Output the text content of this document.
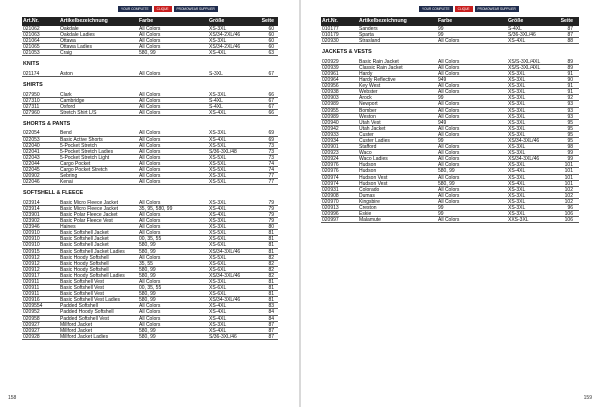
YOUR COMPLETE	CLIQUE	PROMOWEAR SUPPLIER
Art.Nr.	Artikelbezeichnung	Farbe	Größe	Seite
021062	Oakdale	All Colors	XS-3XL	60
021063	Oakdale Ladies	All Colors	XS/34-2XL/46	60
021064	Ottawa	All Colors	XS-3XL	60
021065	Ottawa Ladies	All Colors	XS/34-2XL/46	60
021053	Craig	580, 99	XS-4XL	63
KNITS
021174	Aston	All Colors	S-3XL	67
SHIRTS
027950	Clark	All Colors	XS-3XL	66
027310	Cambridge	All Colors	S-4XL	67
027311	Oxford	All Colors	S-4XL	67
027960	Stretch Shirt L/S	All Colors	XS-4XL	66
SHORTS & PANTS
022054	Bend	All Colors	XS-3XL	69
022053	Basic Active Shorts	All Colors	XS-4XL	69
022040	5-Pocket Stretch	All Colors	XS-5XL	73
022041	5-Pocket Stretch Ladies	All Colors	S/36-3XL/48	73
022043	5-Pocket Stretch Light	All Colors	XS-5XL	73
022044	Cargo Pocket	All Colors	XS-5XL	74
022045	Cargo Pocket Stretch	All Colors	XS-5XL	74
020902	Sebring	All Colors	XS-3XL	77
022046	Kenai	All Colors	XS-5XL	77
SOFTSHELL & FLEECE
023914	Basic Micro Fleece Jacket	All Colors	XS-3XL	79
023914	Basic Micro Fleece Jacket	35, 95, 580, 99	XS-4XL	79
023901	Basic Polar Fleece Jacket	All Colors	XS-4XL	79
023902	Basic Polar Fleece Vest	All Colors	XS-3XL	79
023946	Haines	All Colors	XS-3XL	80
020910	Basic Softshell Jacket	All Colors	XS-5XL	81
020910	Basic Softshell Jacket	00, 35, 55	XS-6XL	81
020910	Basic Softshell Jacket	580, 99	XS-6XL	81
020915	Basic Softshell Jacket Ladies	580, 99	XS/34-3XL/46	81
020912	Basic Hoody Softshell	All Colors	XS-5XL	82
020912	Basic Hoody Softshell	35, 55	XS-6XL	82
020912	Basic Hoody Softshell	580, 99	XS-6XL	82
020917	Basic Hoody Softshell Ladies	580, 99	XS/34-3XL/46	82
020911	Basic Softshell Vest	All Colors	XS-3XL	81
020911	Basic Softshell Vest	00, 35, 55	XS-6XL	81
020911	Basic Softshell Vest	580, 99	XS-6XL	81
020916	Basic Softshell Vest Ladies	580, 99	XS/34-3XL/46	81
0209554	Padded Softshell	All Colors	XS-4XL	83
020952	Padded Hoody Softshell	All Colors	XS-4XL	84
020958	Padded Softshell Vest	All Colors	XS-4XL	84
020927	Millford Jacket	All Colors	XS-3XL	87
020927	Millford Jacket	580, 99	XS-4XL	87
020928	Millford Jacket Ladies	580, 99	S/36-3XL/46	87
158
YOUR COMPLETE	CLIQUE	PROMOWEAR SUPPLIER
Art.Nr.	Artikelbezeichnung	Farbe	Größe	Seite
010177	Sanders	99	S-4XL	87
010179	Sparta	99	S/36-3XL/46	87
020930	Strasland	All Colors	XS-4XL	88
JACKETS & VESTS
020929	Basic Rain Jacket	All Colors	XS/S-3XL/4XL	89
020939	Classic Rain Jacket	All Colors	XS/S-3XL/4XL	89
020961	Hardy	All Colors	XS-3XL	91
020964	Hardy Reflective	949	XS-3XL	90
020956	Key West	All Colors	XS-3XL	91
020938	Webster	All Colors	XS-3XL	91
020903	Arock	99	XS-3XL	92
020989	Newport	All Colors	XS-3XL	93
020955	Bomber	All Colors	XS-3XL	93
020989	Weston	All Colors	XS-3XL	93
020940	Utah Vest	949	XS-3XL	95
020942	Utah Jacket	All Colors	XS-3XL	95
020933	Custer	All Colors	XS-3XL	95
020934	Custer Ladies	99	XS/34-3XL/46	95
020901	Stafford	All Colors	XS-3XL	98
020923	Waco	All Colors	XS-3XL	99
020924	Waco Ladies	All Colors	XS/34-3XL/46	99
020976	Hudson	All Colors	XS-3XL	101
020976	Hudson	580, 99	XS-4XL	101
020974	Hudson Vest	All Colors	XS-3XL	101
020974	Hudson Vest	580, 99	XS-4XL	101
020931	Colorado	All Colors	XS-3XL	102
020908	Dumas	All Colors	XS-3XL	102
020970	Kingsbire	All Colors	XS-3XL	102
020913	Creston	99	XS-3XL	96
020996	Eskie	99	XS-3XL	106
020997	Malamute	All Colors	XXS-3XL	106
159
